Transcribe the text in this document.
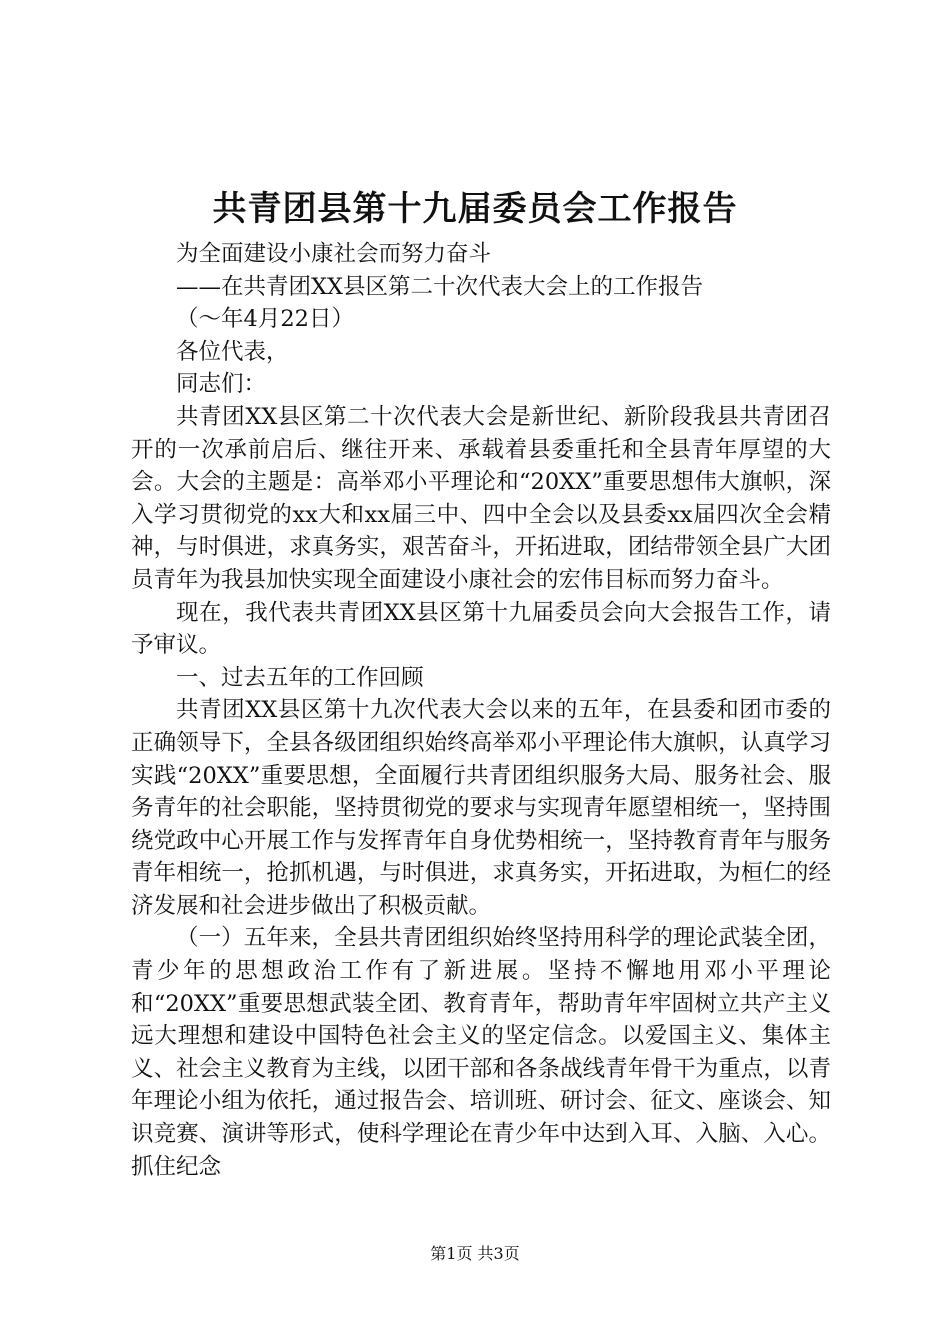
共青团县第十九届委员会工作报告

为全面建设小康社会而努力奋斗

——在共青团XX县区第二十次代表大会上的工作报告

（～年4月22日）

各位代表，

同志们：

共青团XX县区第二十次代表大会是新世纪、新阶段我县共青团召开的一次承前启后、继往开来、承载着县委重托和全县青年厚望的大会。大会的主题是：高举邓小平理论和“20XX”重要思想伟大旗帜，深入学习贯彻党的xx大和xx届三中、四中全会以及县委xx届四次全会精神，与时俱进，求真务实，艰苦奋斗，开拓进取，团结带领全县广大团员青年为我县加快实现全面建设小康社会的宏伟目标而努力奋斗。

现在，我代表共青团XX县区第十九届委员会向大会报告工作，请予审议。

一、过去五年的工作回顾

共青团XX县区第十九次代表大会以来的五年，在县委和团市委的正确领导下，全县各级团组织始终高举邓小平理论伟大旗帜，认真学习实践“20XX”重要思想，全面履行共青团组织服务大局、服务社会、服务青年的社会职能，坚持贯彻党的要求与实现青年愿望相统一，坚持围绕党政中心开展工作与发挥青年自身优势相统一，坚持教育青年与服务青年相统一，抢抓机遇，与时俱进，求真务实，开拓进取，为桓仁的经济发展和社会进步做出了积极贡献。

（一）五年来，全县共青团组织始终坚持用科学的理论武装全团，青少年的思想政治工作有了新进展。坚持不懈地用邓小平理论和“20XX”重要思想武装全团、教育青年，帮助青年牢固树立共产主义远大理想和建设中国特色社会主义的坚定信念。以爱国主义、集体主义、社会主义教育为主线，以团干部和各条战线青年骨干为重点，以青年理论小组为依托，通过报告会、培训班、研讨会、征文、座谈会、知识竞赛、演讲等形式，使科学理论在青少年中达到入耳、入脑、入心。抓住纪念

第1页 共3页
